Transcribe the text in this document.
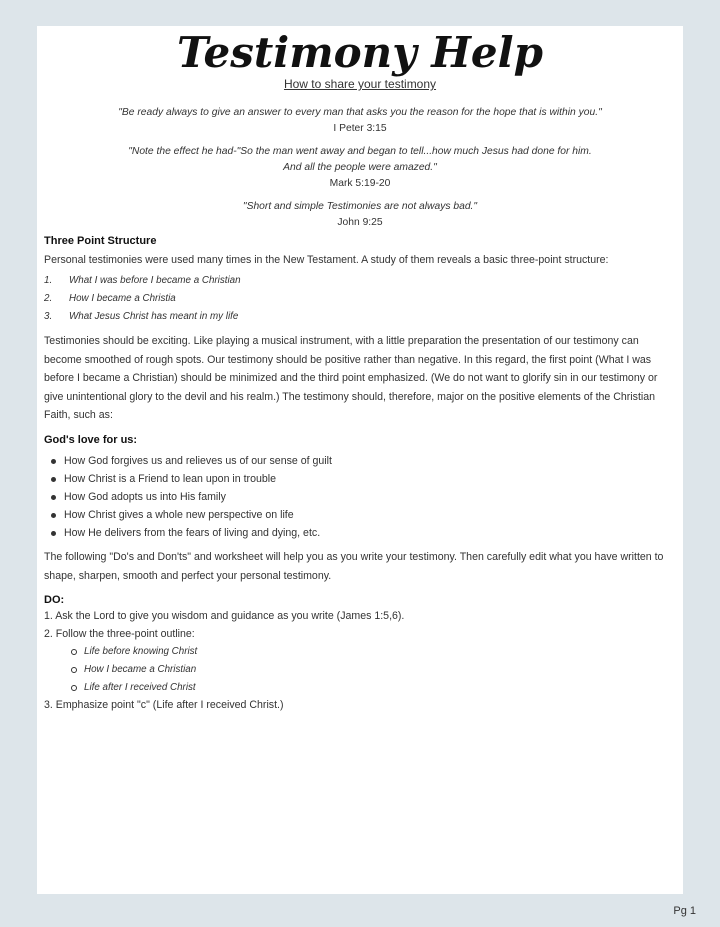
Testimony Help
How to share your testimony
"Be ready always to give an answer to every man that asks you the reason for the hope that is within you."
I Peter 3:15
"Note the effect he had-"So the man went away and began to tell...how much Jesus had done for him.
And all the people were amazed."
Mark 5:19-20
"Short and simple Testimonies are not always bad."
John 9:25
Three Point Structure
Personal testimonies were used many times in the New Testament. A study of them reveals a basic three-point structure:
1.	What I was before I became a Christian
2.	How I became a Christia
3.	What Jesus Christ has meant in my life
Testimonies should be exciting. Like playing a musical instrument, with a little preparation the presentation of our testimony can become smoothed of rough spots. Our testimony should be positive rather than negative. In this regard, the first point (What I was before I became a Christian) should be minimized and the third point emphasized. (We do not want to glorify sin in our testimony or give unintentional glory to the devil and his realm.) The testimony should, therefore, major on the positive elements of the Christian Faith, such as:
God's love for us:
How God forgives us and relieves us of our sense of guilt
How Christ is a Friend to lean upon in trouble
How God adopts us into His family
How Christ gives a whole new perspective on life
How He delivers from the fears of living and dying, etc.
The following "Do's and Don'ts" and worksheet will help you as you write your testimony. Then carefully edit what you have written to shape, sharpen, smooth and perfect your personal testimony.
DO:
1. Ask the Lord to give you wisdom and guidance as you write (James 1:5,6).
2. Follow the three-point outline:
Life before knowing Christ
How I became a Christian
Life after I received Christ
3. Emphasize point "c" (Life after I received Christ.)
Pg 1
